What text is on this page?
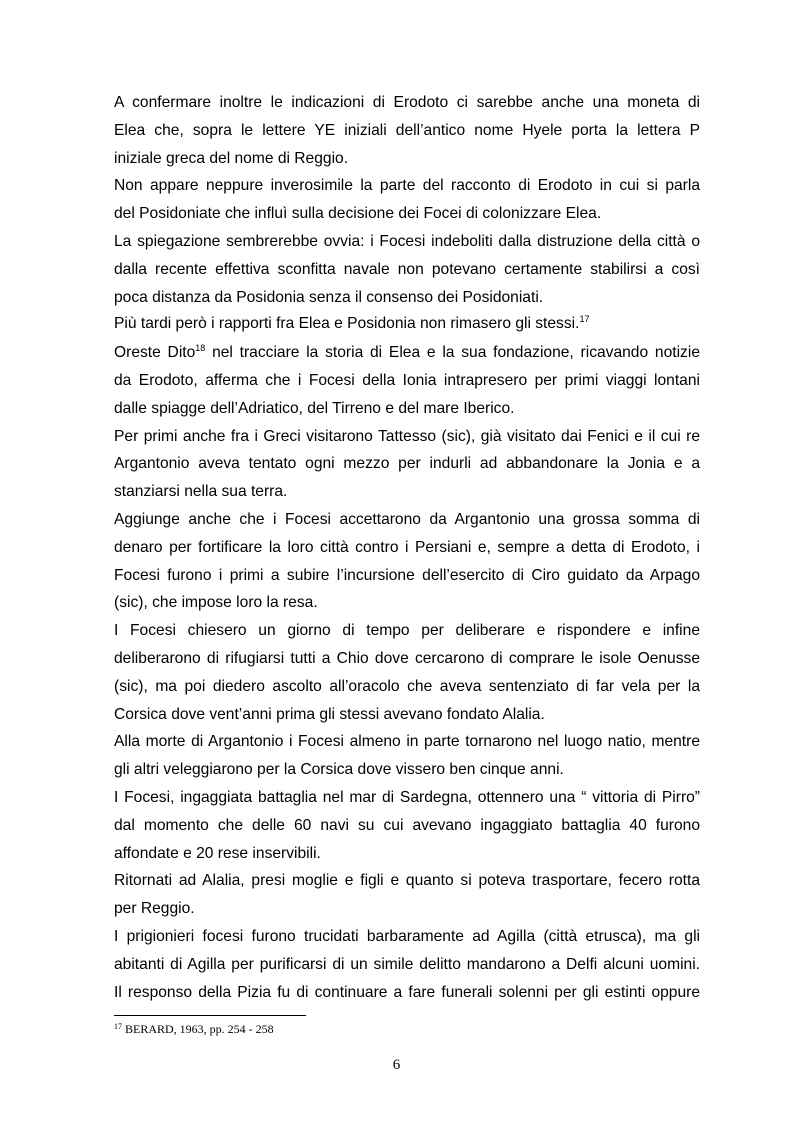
A confermare inoltre le indicazioni di Erodoto ci sarebbe anche una moneta di
Elea che, sopra le lettere YE iniziali dell’antico nome Hyele porta la lettera P
iniziale greca del nome di Reggio.
Non appare neppure inverosimile la parte del racconto di Erodoto in cui si parla
del Posidoniate che influì sulla decisione dei Focei di colonizzare Elea.
La spiegazione sembrerebbe ovvia: i Focesi indeboliti dalla distruzione della città o
dalla recente effettiva sconfitta navale non potevano certamente stabilirsi a così
poca distanza da Posidonia senza il consenso dei Posidoniati.
Più tardi però i rapporti fra Elea e Posidonia non rimasero gli stessi.$^{17}$
Oreste Dito$^{18}$ nel tracciare la storia di Elea e la sua fondazione, ricavando notizie
da Erodoto, afferma che i Focesi della Ionia intrapresero per primi viaggi lontani
dalle spiagge dell’Adriatico, del Tirreno e del mare Iberico.
Per primi anche fra i Greci visitarono Tattesso (sic), già visitato dai Fenici e il cui re
Argantonio aveva tentato ogni mezzo per indurli ad abbandonare la Jonia e a
stanziarsi nella sua terra.
Aggiunge anche che i Focesi accettarono da Argantonio una grossa somma di
denaro per fortificare la loro città contro i Persiani e, sempre a detta di Erodoto, i
Focesi furono i primi a subire l’incursione dell’esercito di Ciro guidato da Arpago
(sic), che impose loro la resa.
I Focesi chiesero un giorno di tempo per deliberare e rispondere e infine
deliberarono di rifugiarsi tutti a Chio dove cercarono di comprare le isole Oenusse
(sic), ma poi diedero ascolto all’oracolo che aveva sentenziato di far vela per la
Corsica dove vent’anni prima gli stessi avevano fondato Alalia.
Alla morte di Argantonio i Focesi almeno in parte tornarono nel luogo natio, mentre
gli altri veleggiarono per la Corsica dove vissero ben cinque anni.
I Focesi, ingaggiata battaglia nel mar di Sardegna, ottennero una “ vittoria di Pirro”
dal momento che delle 60 navi su cui avevano ingaggiato battaglia 40 furono
affondate e 20 rese inservibili.
Ritornati ad Alalia, presi moglie e figli e quanto si poteva trasportare, fecero rotta
per Reggio.
I prigionieri focesi furono trucidati barbaramente ad Agilla (città etrusca), ma gli
abitanti di Agilla per purificarsi di un simile delitto mandarono a Delfi alcuni uomini.
Il responso della Pizia fu di continuare a fare funerali solenni per gli estinti oppure
$^{17}$ BERARD, 1963, pp. 254 - 258
6
